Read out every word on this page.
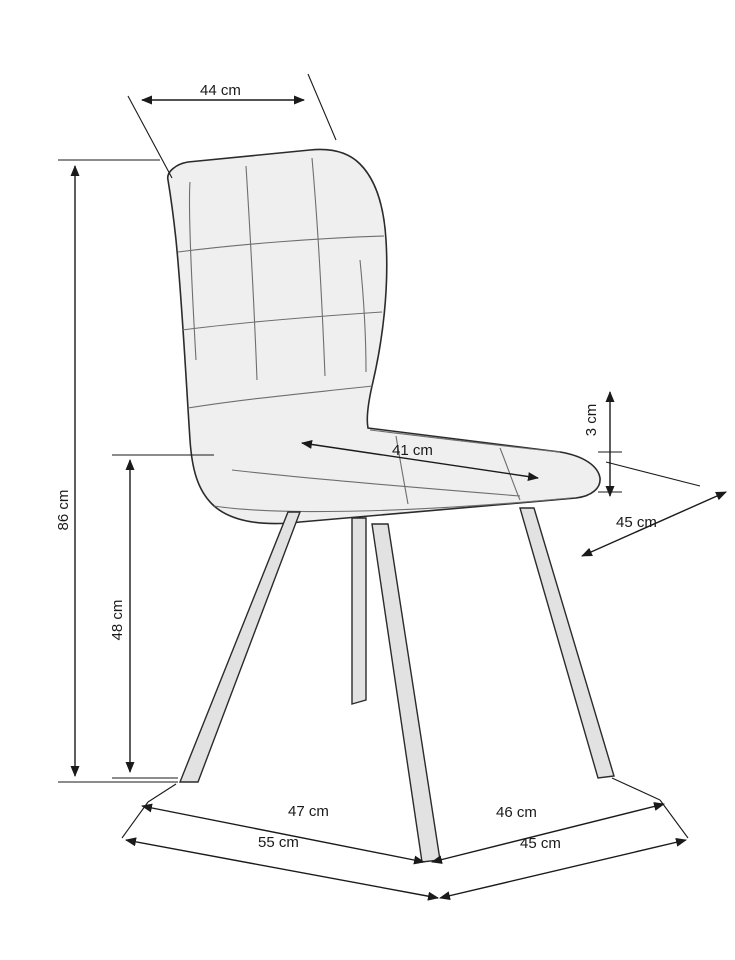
44 cm
86 cm
48 cm
41 cm
3 cm
45 cm
47 cm
55 cm
46 cm
45 cm
